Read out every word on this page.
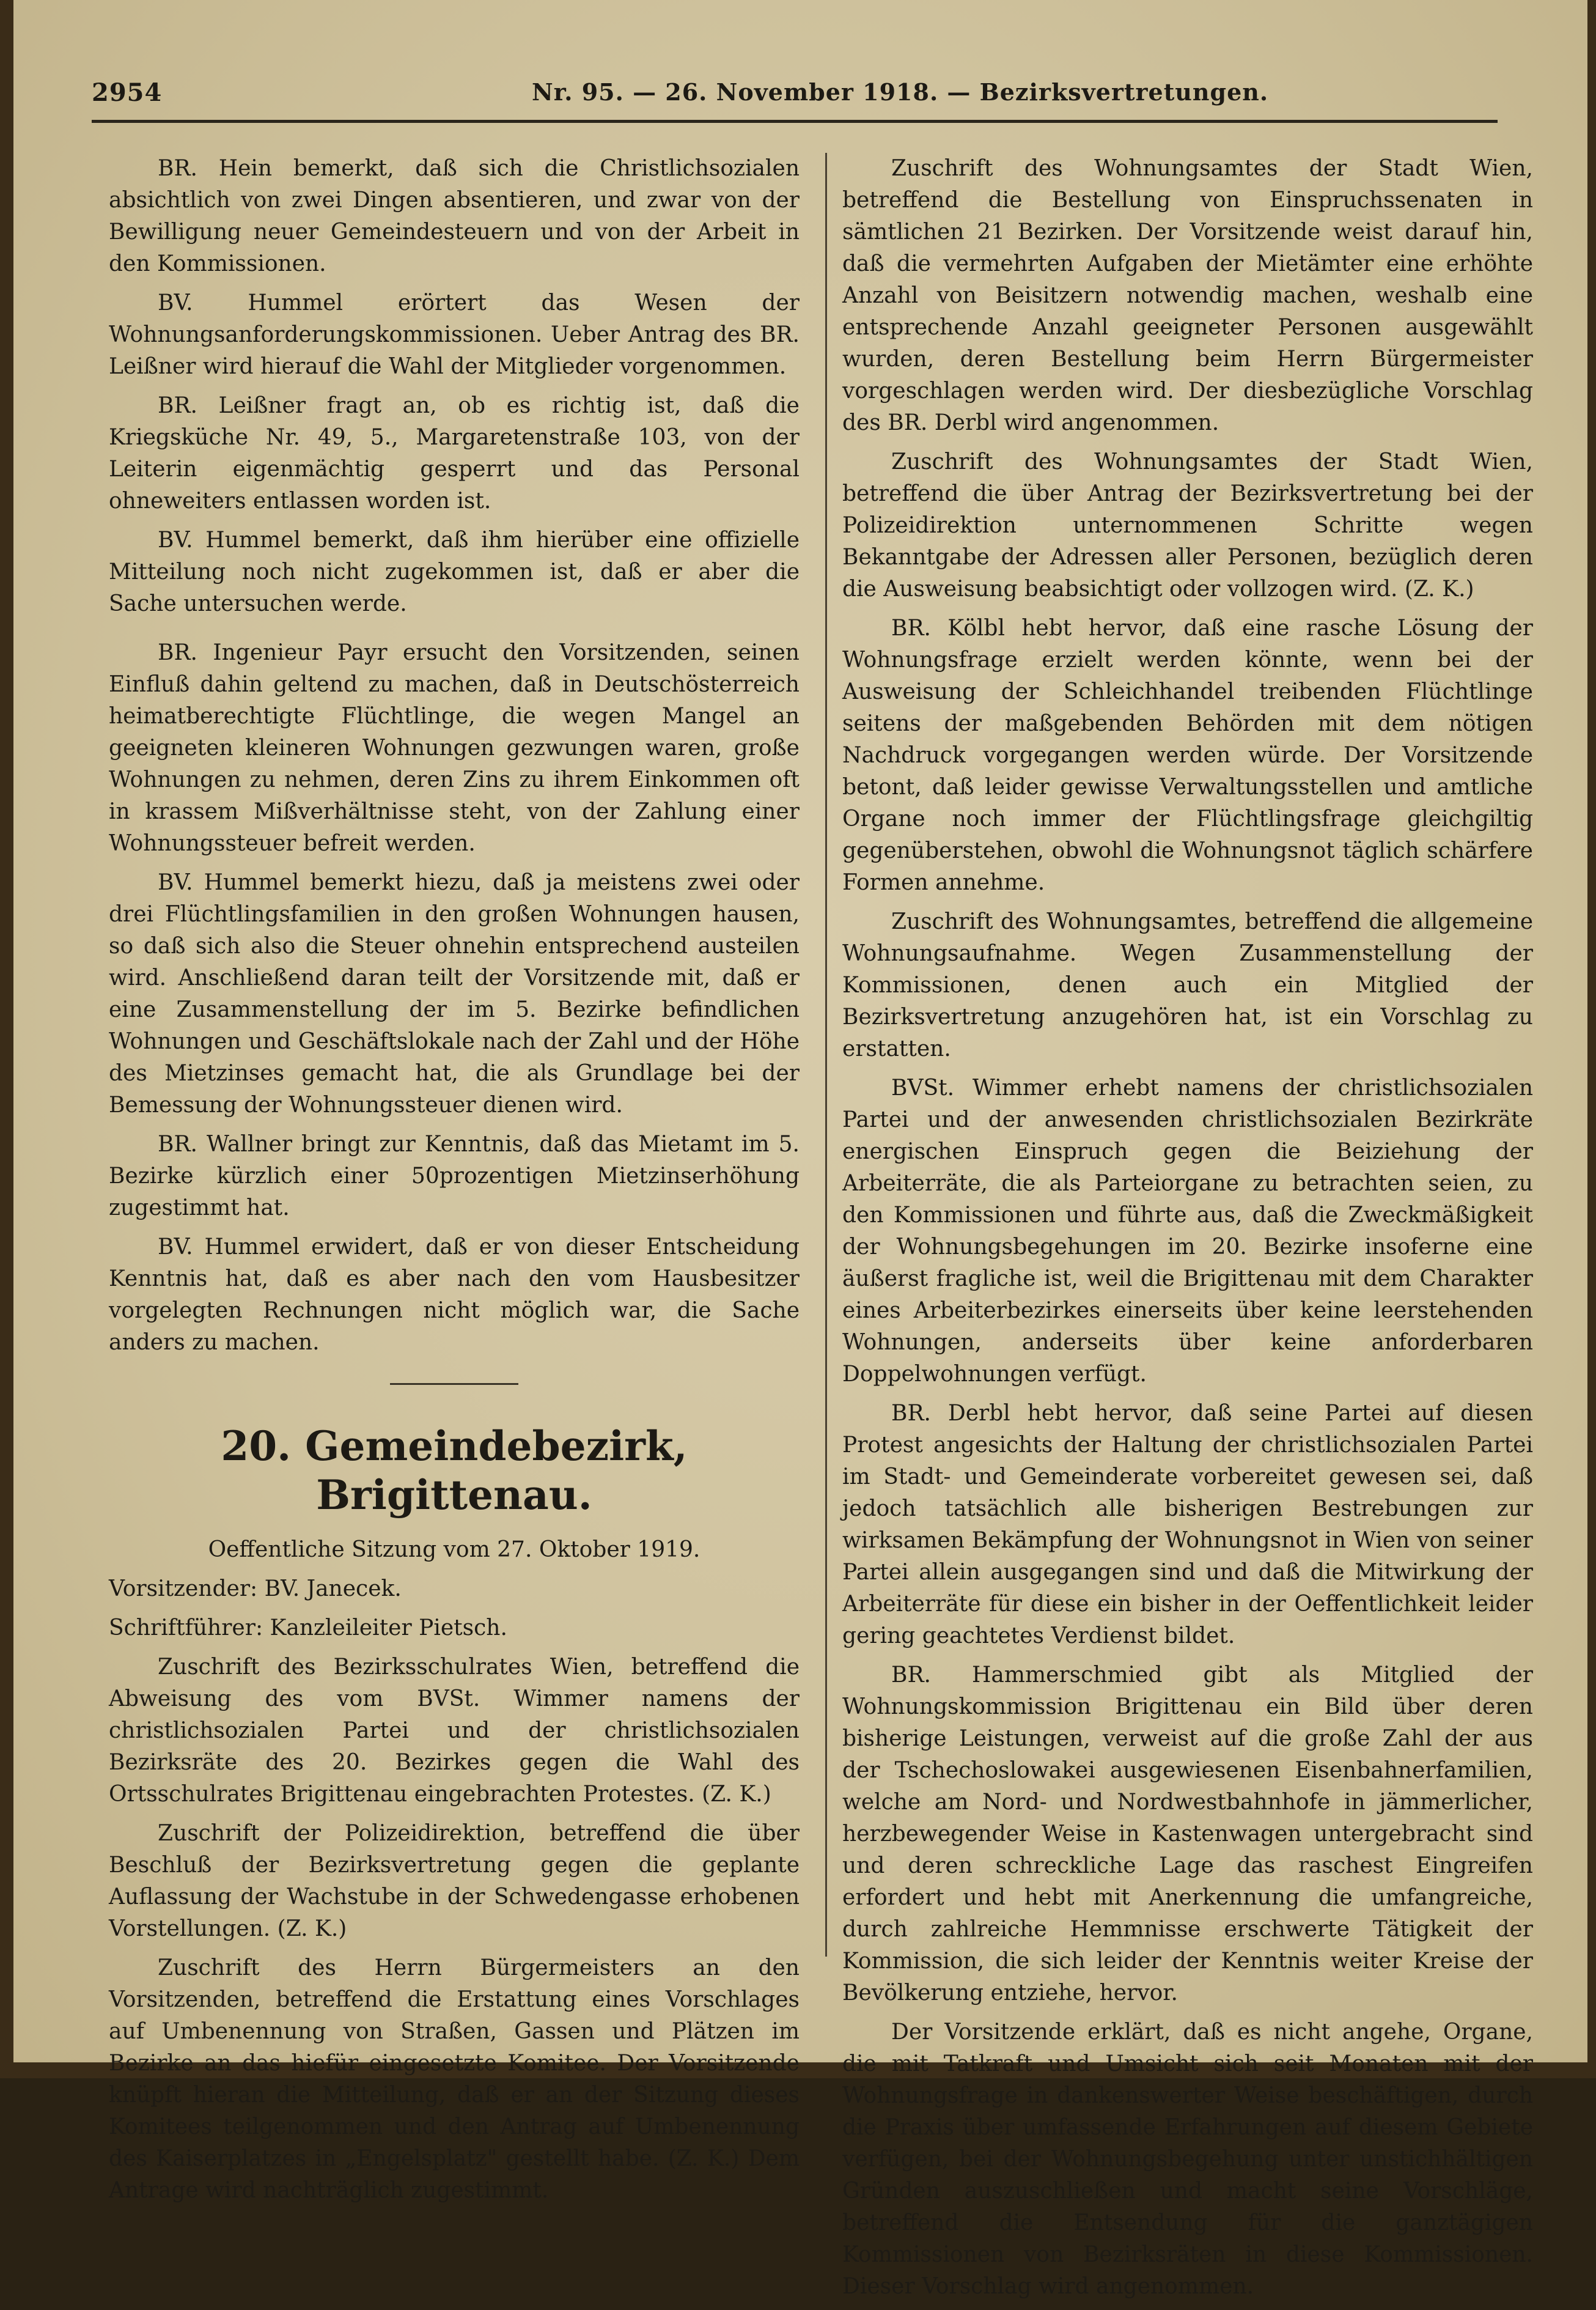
2954	Nr. 95. — 26. November 1918. — Bezirksvertretungen.

BR. Hein bemerkt, daß sich die Christlichsozialen absichtlich von zwei Dingen absentieren, und zwar von der Bewilligung neuer Gemeindesteuern und von der Arbeit in den Kommissionen.

BV. Hummel erörtert das Wesen der Wohnungsanforderungskommissionen. Ueber Antrag des BR. Leißner wird hierauf die Wahl der Mitglieder vorgenommen.

BR. Leißner fragt an, ob es richtig ist, daß die Kriegsküche Nr. 49, 5., Margaretenstraße 103, von der Leiterin eigenmächtig gesperrt und das Personal ohneweiters entlassen worden ist.

BV. Hummel bemerkt, daß ihm hierüber eine offizielle Mitteilung noch nicht zugekommen ist, daß er aber die Sache untersuchen werde.

BR. Ingenieur Payr ersucht den Vorsitzenden, seinen Einfluß dahin geltend zu machen, daß in Deutschösterreich heimatberechtigte Flüchtlinge, die wegen Mangel an geeigneten kleineren Wohnungen gezwungen waren, große Wohnungen zu nehmen, deren Zins zu ihrem Einkommen oft in krassem Mißverhältnisse steht, von der Zahlung einer Wohnungssteuer befreit werden.

BV. Hummel bemerkt hiezu, daß ja meistens zwei oder drei Flüchtlingsfamilien in den großen Wohnungen hausen, so daß sich also die Steuer ohnehin entsprechend austeilen wird. Anschließend daran teilt der Vorsitzende mit, daß er eine Zusammenstellung der im 5. Bezirke befindlichen Wohnungen und Geschäftslokale nach der Zahl und der Höhe des Mietzinses gemacht hat, die als Grundlage bei der Bemessung der Wohnungssteuer dienen wird.

BR. Wallner bringt zur Kenntnis, daß das Mietamt im 5. Bezirke kürzlich einer 50prozentigen Mietzinserhöhung zugestimmt hat.

BV. Hummel erwidert, daß er von dieser Entscheidung Kenntnis hat, daß es aber nach den vom Hausbesitzer vorgelegten Rechnungen nicht möglich war, die Sache anders zu machen.

20. Gemeindebezirk, Brigittenau.

Oeffentliche Sitzung vom 27. Oktober 1919.

Vorsitzender: BV. Janecek.

Schriftführer: Kanzleileiter Pietsch.

Zuschrift des Bezirksschulrates Wien, betreffend die Abweisung des vom BVSt. Wimmer namens der christlichsozialen Partei und der christlichsozialen Bezirksräte des 20. Bezirkes gegen die Wahl des Ortsschulrates Brigittenau eingebrachten Protestes. (Z. K.)

Zuschrift der Polizeidirektion, betreffend die über Beschluß der Bezirksvertretung gegen die geplante Auflassung der Wachstube in der Schwedengasse erhobenen Vorstellungen. (Z. K.)

Zuschrift des Herrn Bürgermeisters an den Vorsitzenden, betreffend die Erstattung eines Vorschlages auf Umbenennung von Straßen, Gassen und Plätzen im Bezirke an das hiefür eingesetzte Komitee. Der Vorsitzende knüpft hieran die Mitteilung, daß er an der Sitzung dieses Komitees teilgenommen und den Antrag auf Umbenennung des Kaiserplatzes in „Engelsplatz" gestellt habe. (Z. K.) Dem Antrage wird nachträglich zugestimmt.

Zuschrift des Wohnungsamtes der Stadt Wien, betreffend die Bestellung von Einspruchssenaten in sämtlichen 21 Bezirken. Der Vorsitzende weist darauf hin, daß die vermehrten Aufgaben der Mietämter eine erhöhte Anzahl von Beisitzern notwendig machen, weshalb eine entsprechende Anzahl geeigneter Personen ausgewählt wurden, deren Bestellung beim Herrn Bürgermeister vorgeschlagen werden wird. Der diesbezügliche Vorschlag des BR. Derbl wird angenommen.

Zuschrift des Wohnungsamtes der Stadt Wien, betreffend die über Antrag der Bezirksvertretung bei der Polizeidirektion unternommenen Schritte wegen Bekanntgabe der Adressen aller Personen, bezüglich deren die Ausweisung beabsichtigt oder vollzogen wird. (Z. K.)

BR. Kölbl hebt hervor, daß eine rasche Lösung der Wohnungsfrage erzielt werden könnte, wenn bei der Ausweisung der Schleichhandel treibenden Flüchtlinge seitens der maßgebenden Behörden mit dem nötigen Nachdruck vorgegangen werden würde. Der Vorsitzende betont, daß leider gewisse Verwaltungsstellen und amtliche Organe noch immer der Flüchtlingsfrage gleichgiltig gegenüberstehen, obwohl die Wohnungsnot täglich schärfere Formen annehme.

Zuschrift des Wohnungsamtes, betreffend die allgemeine Wohnungsaufnahme. Wegen Zusammenstellung der Kommissionen, denen auch ein Mitglied der Bezirksvertretung anzugehören hat, ist ein Vorschlag zu erstatten.

BVSt. Wimmer erhebt namens der christlichsozialen Partei und der anwesenden christlichsozialen Bezirkräte energischen Einspruch gegen die Beiziehung der Arbeiterräte, die als Parteiorgane zu betrachten seien, zu den Kommissionen und führte aus, daß die Zweckmäßigkeit der Wohnungsbegehungen im 20. Bezirke insoferne eine äußerst fragliche ist, weil die Brigittenau mit dem Charakter eines Arbeiterbezirkes einerseits über keine leerstehenden Wohnungen, anderseits über keine anforderbaren Doppelwohnungen verfügt.

BR. Derbl hebt hervor, daß seine Partei auf diesen Protest angesichts der Haltung der christlichsozialen Partei im Stadt- und Gemeinderate vorbereitet gewesen sei, daß jedoch tatsächlich alle bisherigen Bestrebungen zur wirksamen Bekämpfung der Wohnungsnot in Wien von seiner Partei allein ausgegangen sind und daß die Mitwirkung der Arbeiterräte für diese ein bisher in der Oeffentlichkeit leider gering geachtetes Verdienst bildet.

BR. Hammerschmied gibt als Mitglied der Wohnungskommission Brigittenau ein Bild über deren bisherige Leistungen, verweist auf die große Zahl der aus der Tschechoslowakei ausgewiesenen Eisenbahnerfamilien, welche am Nord- und Nordwestbahnhofe in jämmerlicher, herzbewegender Weise in Kastenwagen untergebracht sind und deren schreckliche Lage das raschest Eingreifen erfordert und hebt mit Anerkennung die umfangreiche, durch zahlreiche Hemmnisse erschwerte Tätigkeit der Kommission, die sich leider der Kenntnis weiter Kreise der Bevölkerung entziehe, hervor.

Der Vorsitzende erklärt, daß es nicht angehe, Organe, die mit Tatkraft und Umsicht sich seit Monaten mit der Wohnungsfrage in dankenswerter Weise beschäftigen, durch die Praxis über umfassende Erfahrungen auf diesem Gebiete verfügen, bei der Wohnungsbegehung unter unstichhältigen Gründen auszuschließen und macht seine Vorschläge, betreffend die Entsendung für die ganztägigen Kommissionen von Bezirksräten in diese Kommissionen. Dieser Vorschlag wird angenommen.
